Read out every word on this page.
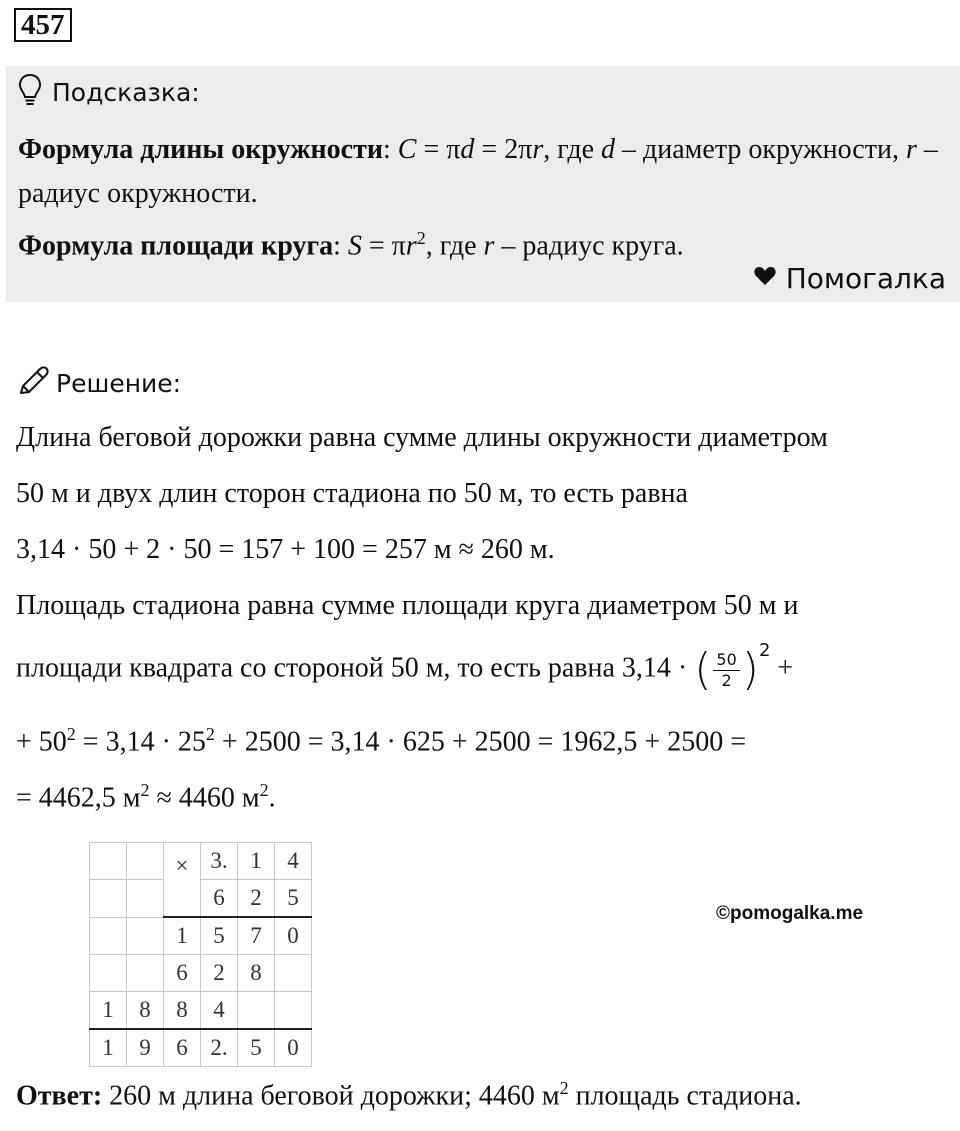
457
Подсказка:
Формула длины окружности: C = πd = 2πr, где d – диаметр окружности, r – радиус окружности.
Формула площади круга: $S = \pi r^2$, где r – радиус круга.
Помогалка
Решение:
Длина беговой дорожки равна сумме длины окружности диаметром
50 м и двух длин сторон стадиона по 50 м, то есть равна
3,14 · 50 + 2 · 50 = 157 + 100 = 257 м ≈ 260 м.
Площадь стадиона равна сумме площади круга диаметром 50 м и
площади квадрата со стороной 50 м, то есть равна 3,14 · ( $\frac{50}{2} )^2$
+
+ $50^2 = 3,14 \cdot 25^2 + 2500 = 3,14 \cdot 625 + 2500 = 1962,5 + 2500$ =
= 4462,5 $м^2 \approx 4460$ $м^2$.
		×	3.	1	4
			6	2	5
		1	5	7	0
		6	2	8	
1	8	8	4		
1	9	6	2.	5	0
©pomogalka.me
Ответ: 260 м длина беговой дорожки; 4460 $м^2$ площадь стадиона.
